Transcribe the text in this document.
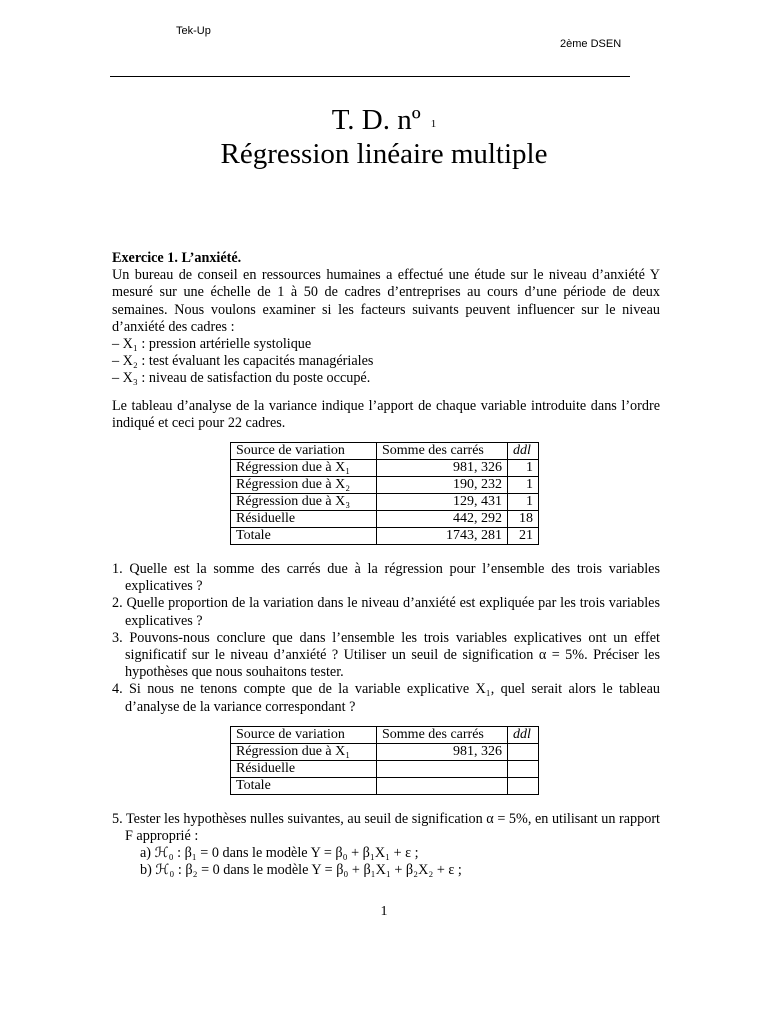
Tek-Up
2ème DSEN
T. D. nº $^1$
Régression linéaire multiple

Exercice 1. L’anxiété.

Un bureau de conseil en ressources humaines a effectué une étude sur le niveau d’anxiété Y mesuré sur une échelle de 1 à 50 de cadres d’entreprises au cours d’une période de deux semaines. Nous voulons examiner si les facteurs suivants peuvent influencer sur le niveau d’anxiété des cadres :

– X₁ : pression artérielle systolique

– X₂ : test évaluant les capacités managériales

– X₃ : niveau de satisfaction du poste occupé.

Le tableau d’analyse de la variance indique l’apport de chaque variable introduite dans l’ordre indiqué et ceci pour 22 cadres.

Source de variation	Somme des carrés	ddl
Régression due à X₁	981, 326	1
Régression due à X₂	190, 232	1
Régression due à X₃	129, 431	1
Résiduelle	442, 292	18
Totale	1743, 281	21

1. Quelle est la somme des carrés due à la régression pour l’ensemble des trois variables explicatives ?

2. Quelle proportion de la variation dans le niveau d’anxiété est expliquée par les trois variables explicatives ?

3. Pouvons-nous conclure que dans l’ensemble les trois variables explicatives ont un effet significatif sur le niveau d’anxiété ? Utiliser un seuil de signification α = 5%. Préciser les hypothèses que nous souhaitons tester.

4. Si nous ne tenons compte que de la variable explicative X₁, quel serait alors le tableau d’analyse de la variance correspondant ?

Source de variation	Somme des carrés	ddl
Régression due à X₁	981, 326	
Résiduelle		
Totale		

5. Tester les hypothèses nulles suivantes, au seuil de signification α = 5%, en utilisant un rapport F approprié :

a) ℋ₀ : β₁ = 0 dans le modèle Y = β₀ + β₁X₁ + ε ;

b) ℋ₀ : β₂ = 0 dans le modèle Y = β₀ + β₁X₁ + β₂X₂ + ε ;

1
